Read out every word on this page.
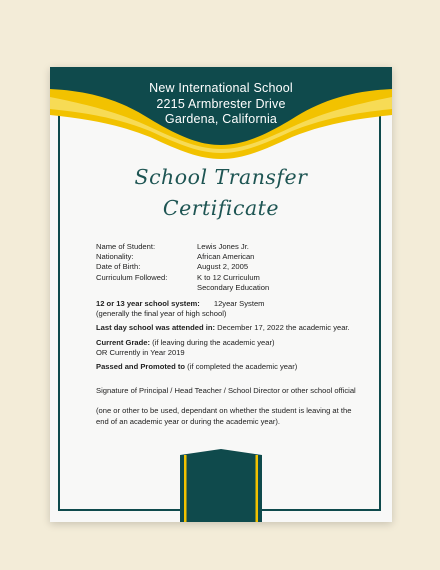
New International School
2215 Armbrester Drive
Gardena, California
School Transfer
Certificate
Name of Student:	Lewis Jones Jr.
Nationality:	African American
Date of Birth:	August 2, 2005
Curriculum Followed:	K to 12 Curriculum
Secondary Education
12 or 13 year school system: 12year System
(generally the final year of high school)
Last day school was attended in: December 17, 2022 the academic year.
Current Grade: (if leaving during the academic year)
OR Currently in Year 2019
Passed and Promoted to (if completed the academic year)
Signature of Principal / Head Teacher / School Director or other school official
(one or other to be used, dependant on whether the student is leaving at the end of an academic year or during the academic year).
